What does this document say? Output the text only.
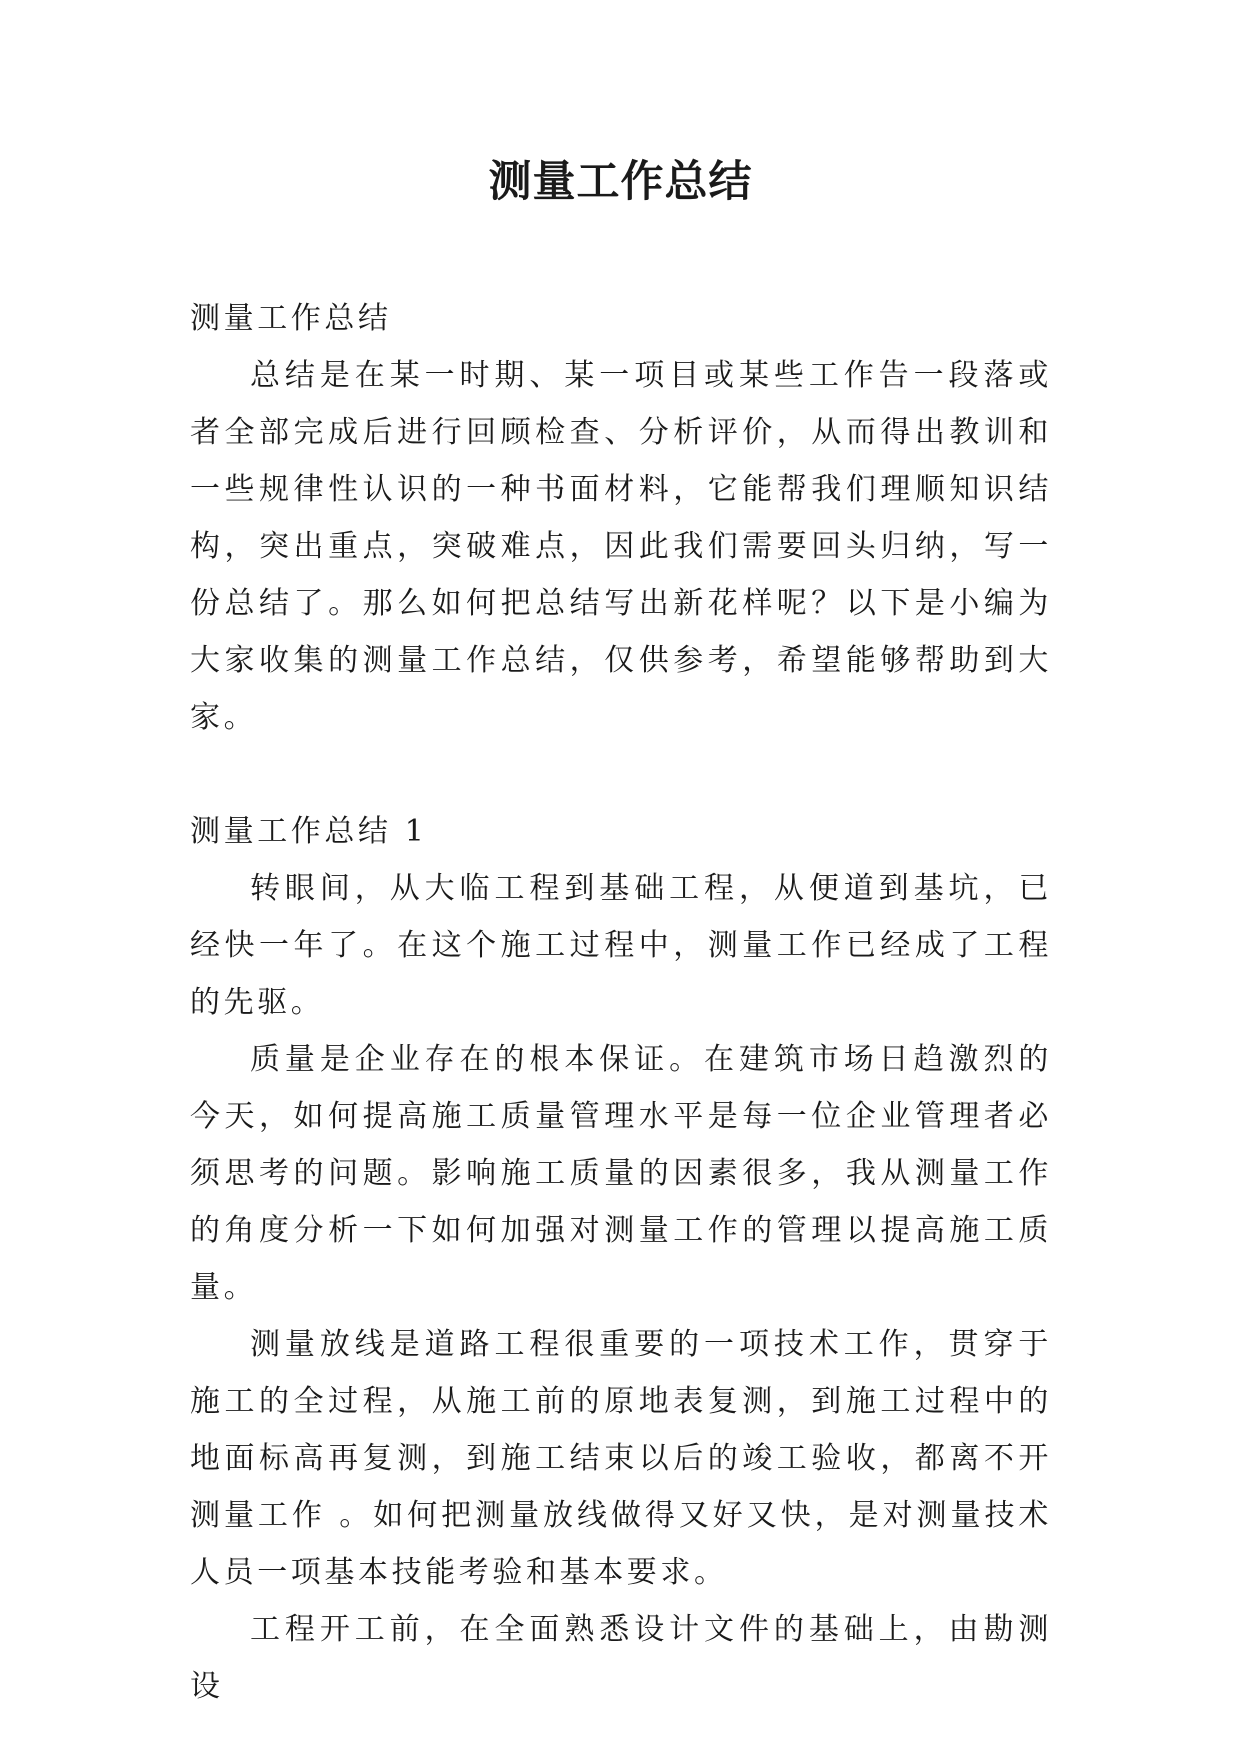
测量工作总结

测量工作总结

总结是在某一时期、某一项目或某些工作告一段落或者全部完成后进行回顾检查、分析评价，从而得出教训和一些规律性认识的一种书面材料，它能帮我们理顺知识结构，突出重点，突破难点，因此我们需要回头归纳，写一份总结了。那么如何把总结写出新花样呢？以下是小编为大家收集的测量工作总结，仅供参考，希望能够帮助到大家。

测量工作总结 1

转眼间，从大临工程到基础工程，从便道到基坑，已经快一年了。在这个施工过程中，测量工作已经成了工程的先驱。

质量是企业存在的根本保证。在建筑市场日趋激烈的今天，如何提高施工质量管理水平是每一位企业管理者必须思考的问题。影响施工质量的因素很多，我从测量工作的角度分析一下如何加强对测量工作的管理以提高施工质量。

测量放线是道路工程很重要的一项技术工作，贯穿于施工的全过程，从施工前的原地表复测，到施工过程中的地面标高再复测，到施工结束以后的竣工验收，都离不开测量工作 。如何把测量放线做得又好又快，是对测量技术人员一项基本技能考验和基本要求。

工程开工前，在全面熟悉设计文件的基础上，由勘测设
